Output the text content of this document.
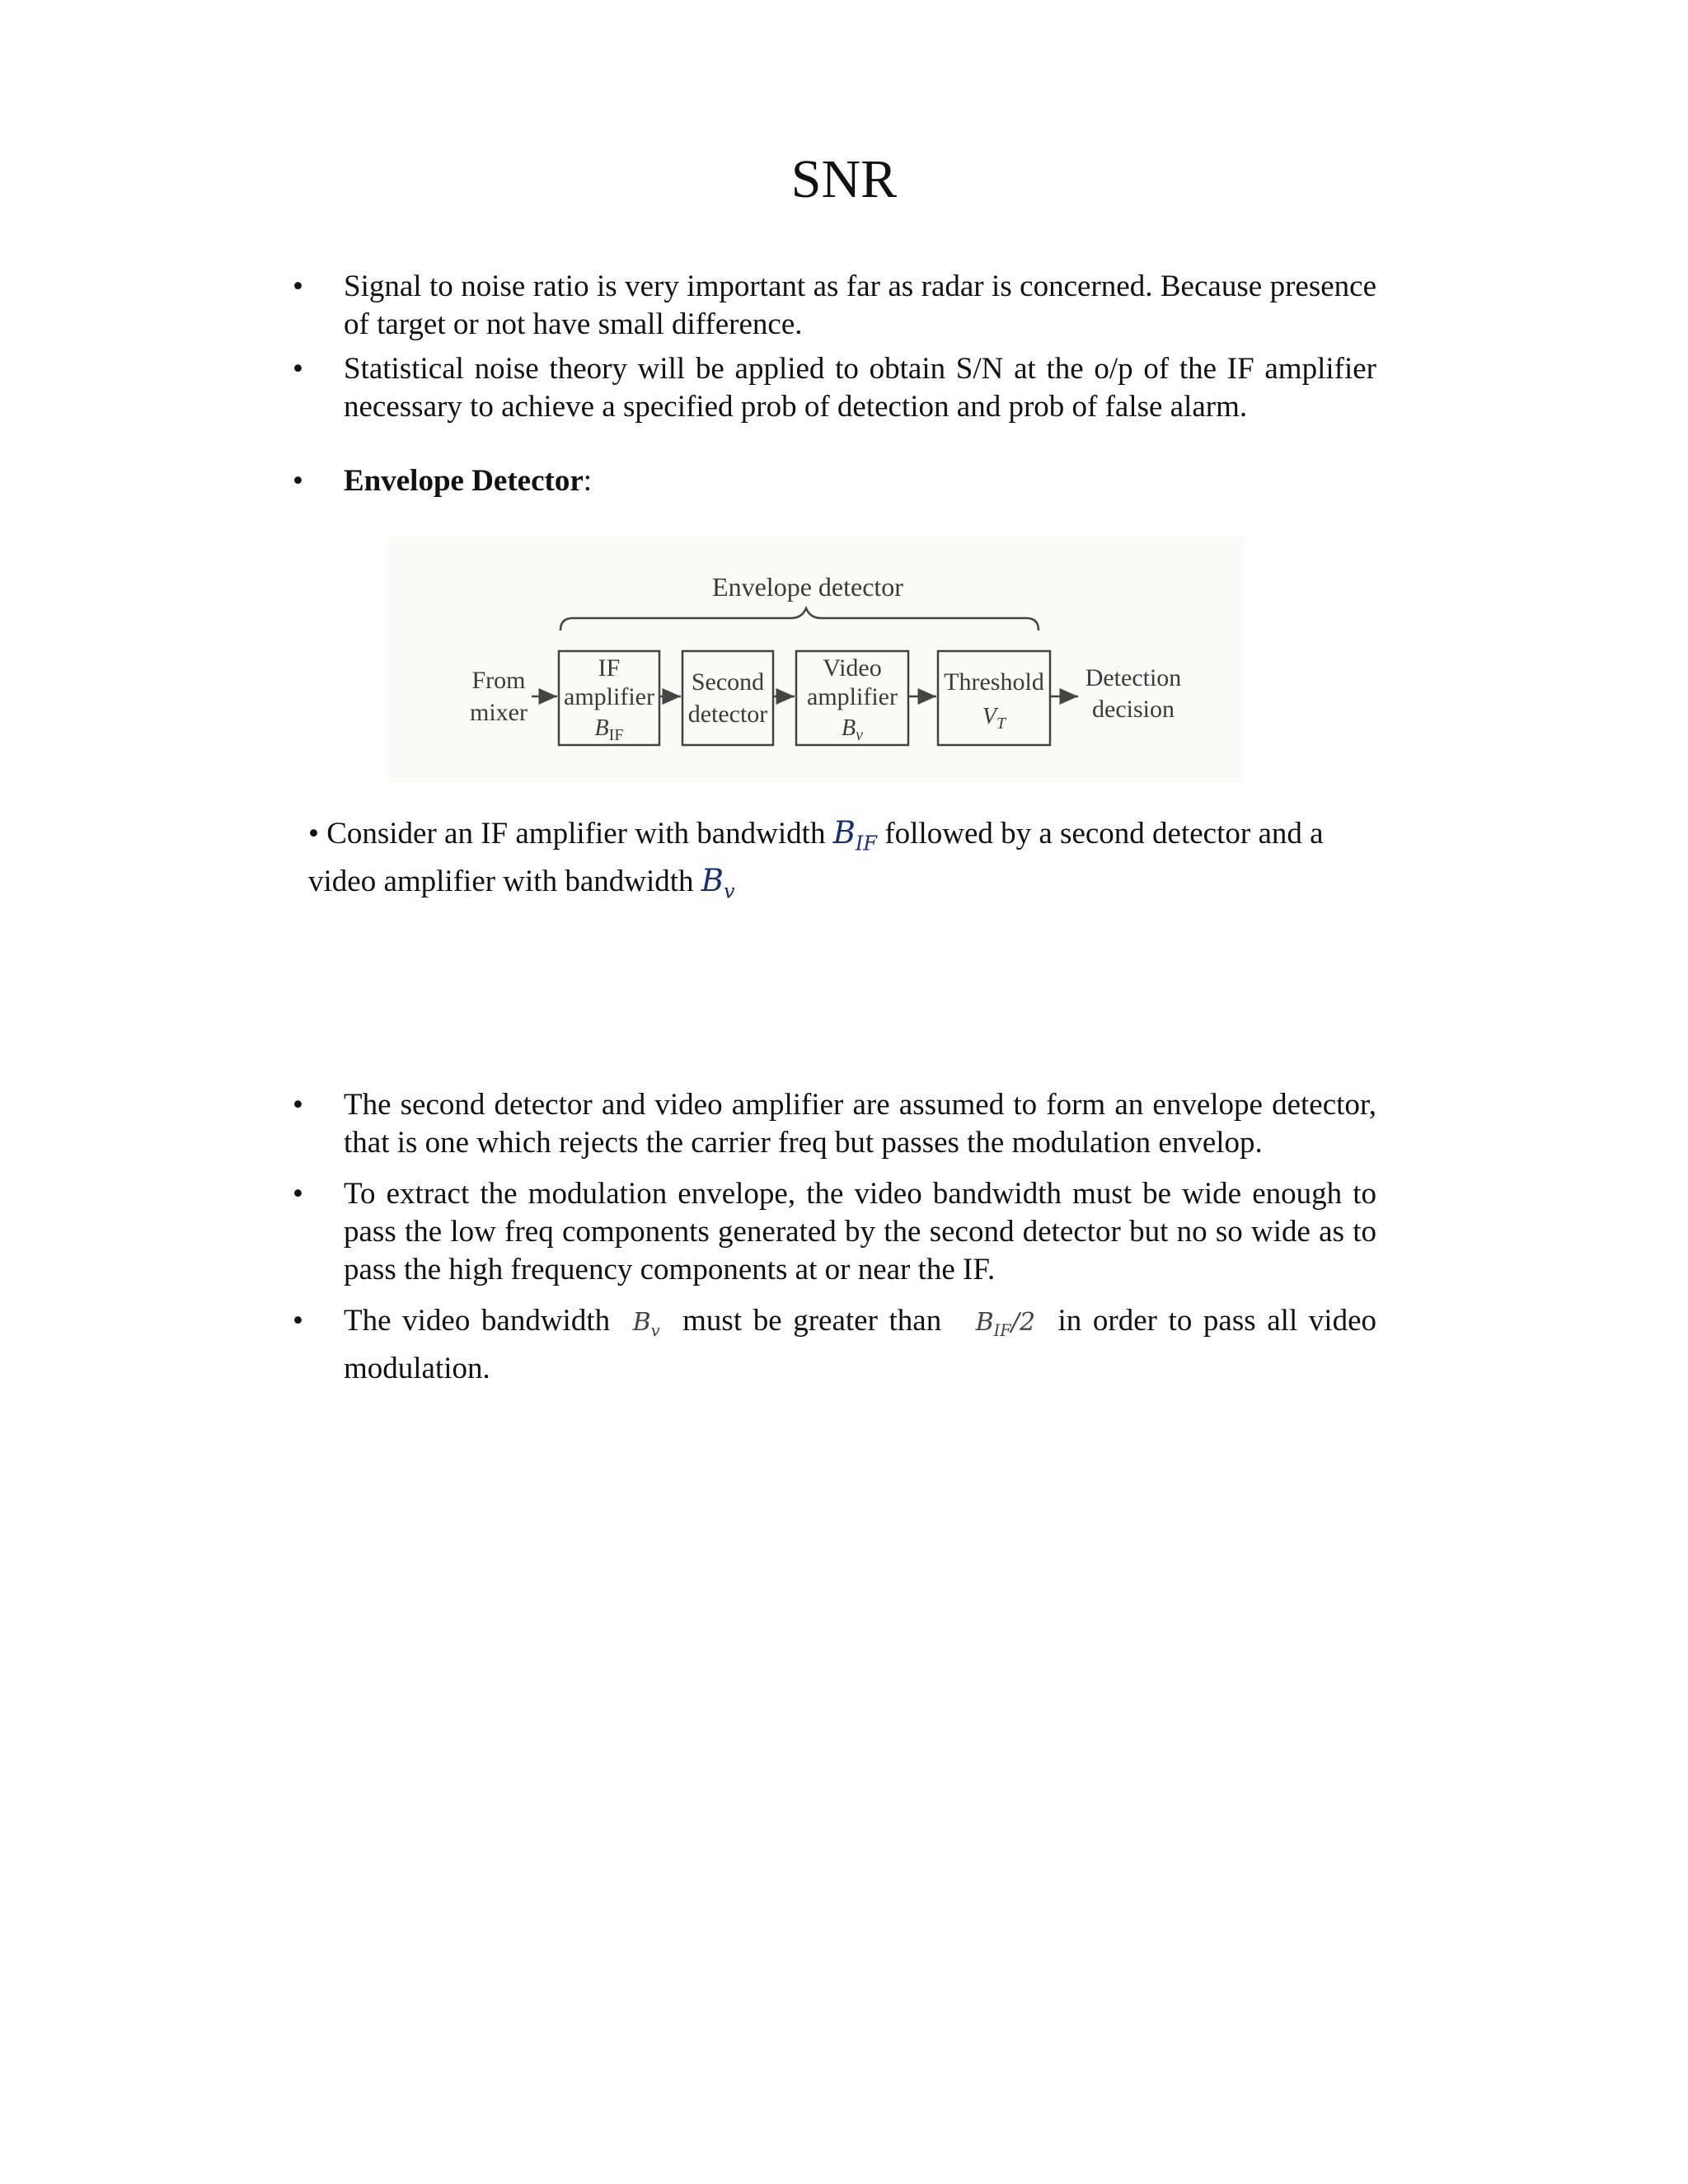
SNR
• Signal to noise ratio is very important as far as radar is concerned. Because presence of target or not have small difference.
• Statistical noise theory will be applied to obtain S/N at the o/p of the IF amplifier necessary to achieve a specified prob of detection and prob of false alarm.
• Envelope Detector:
Envelope detector
From
mixer
IF
amplifier
$B_{IF}$
Second
detector
Video
amplifier
$B_v$
Threshold
$V_T$
Detection
decision
• Consider an IF amplifier with bandwidth $B_{IF}$ followed by a second detector and a video amplifier with bandwidth $B_v$
• The second detector and video amplifier are assumed to form an envelope detector, that is one which rejects the carrier freq but passes the modulation envelop.
• To extract the modulation envelope, the video bandwidth must be wide enough to pass the low freq components generated by the second detector but no so wide as to pass the high frequency components at or near the IF.
• The video bandwidth $B_v$ must be greater than $B_{IF}/2$ in order to pass all video modulation.
